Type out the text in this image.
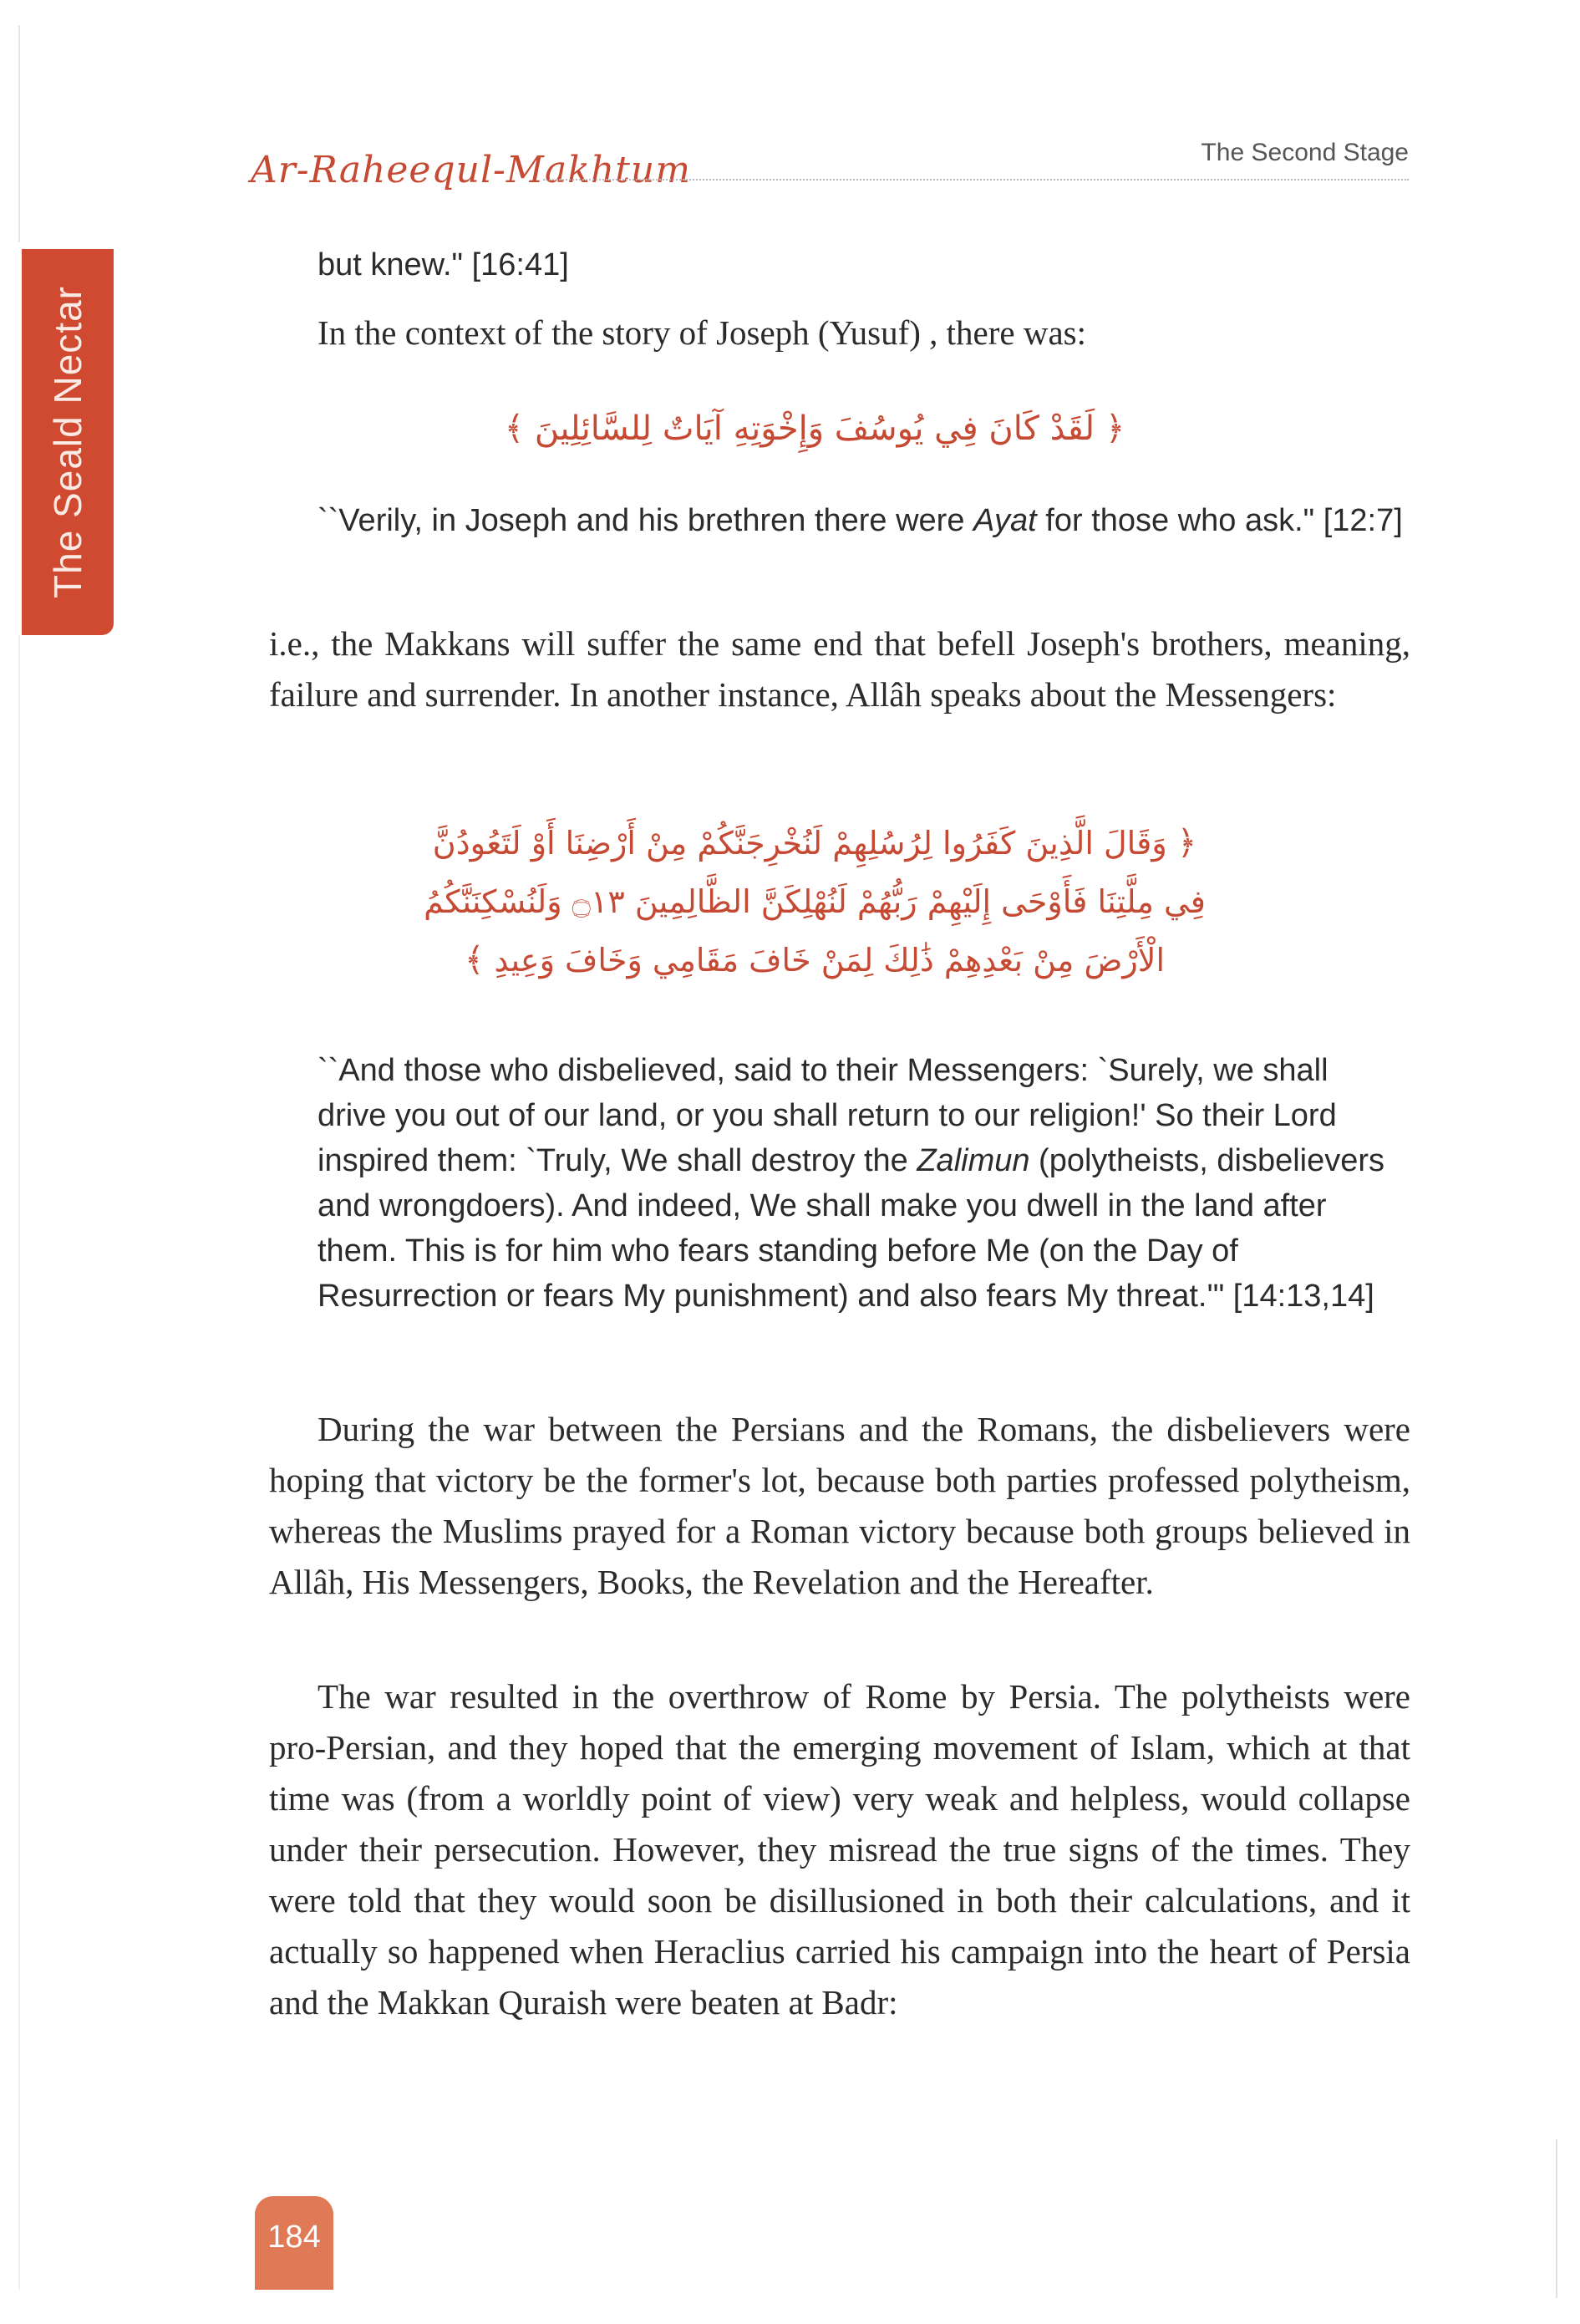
The Seald Nectar
Ar-Raheequl-Makhtum	The Second Stage

but knew." [16:41]

In the context of the story of Joseph (Yusuf) , there was:

﴿ لَقَدْ كَانَ فِي يُوسُفَ وَإِخْوَتِهِ آيَاتٌ لِلسَّائِلِينَ ﴾

``Verily, in Joseph and his brethren there were Ayat for those who ask." [12:7]

i.e., the Makkans will suffer the same end that befell Joseph's brothers, meaning, failure and surrender. In another instance, Allâh speaks about the Messengers:

﴿ وَقَالَ الَّذِينَ كَفَرُوا لِرُسُلِهِمْ لَنُخْرِجَنَّكُمْ مِنْ أَرْضِنَا أَوْ لَتَعُودُنَّ
فِي مِلَّتِنَا فَأَوْحَى إِلَيْهِمْ رَبُّهُمْ لَنُهْلِكَنَّ الظَّالِمِينَ ۝١٣ وَلَنُسْكِنَنَّكُمُ
الْأَرْضَ مِنْ بَعْدِهِمْ ذَٰلِكَ لِمَنْ خَافَ مَقَامِي وَخَافَ وَعِيدِ ﴾

``And those who disbelieved, said to their Messengers: `Surely, we shall drive you out of our land, or you shall return to our religion!' So their Lord inspired them: `Truly, We shall destroy the Zalimun (polytheists, disbelievers and wrongdoers). And indeed, We shall make you dwell in the land after them. This is for him who fears standing before Me (on the Day of Resurrection or fears My punishment) and also fears My threat.'" [14:13,14]

During the war between the Persians and the Romans, the disbelievers were hoping that victory be the former's lot, because both parties professed polytheism, whereas the Muslims prayed for a Roman victory because both groups believed in Allâh, His Messengers, Books, the Revelation and the Hereafter.

The war resulted in the overthrow of Rome by Persia. The polytheists were pro-Persian, and they hoped that the emerging movement of Islam, which at that time was (from a worldly point of view) very weak and helpless, would collapse under their persecution. However, they misread the true signs of the times. They were told that they would soon be disillusioned in both their calculations, and it actually so happened when Heraclius carried his campaign into the heart of Persia and the Makkan Quraish were beaten at Badr:

184
